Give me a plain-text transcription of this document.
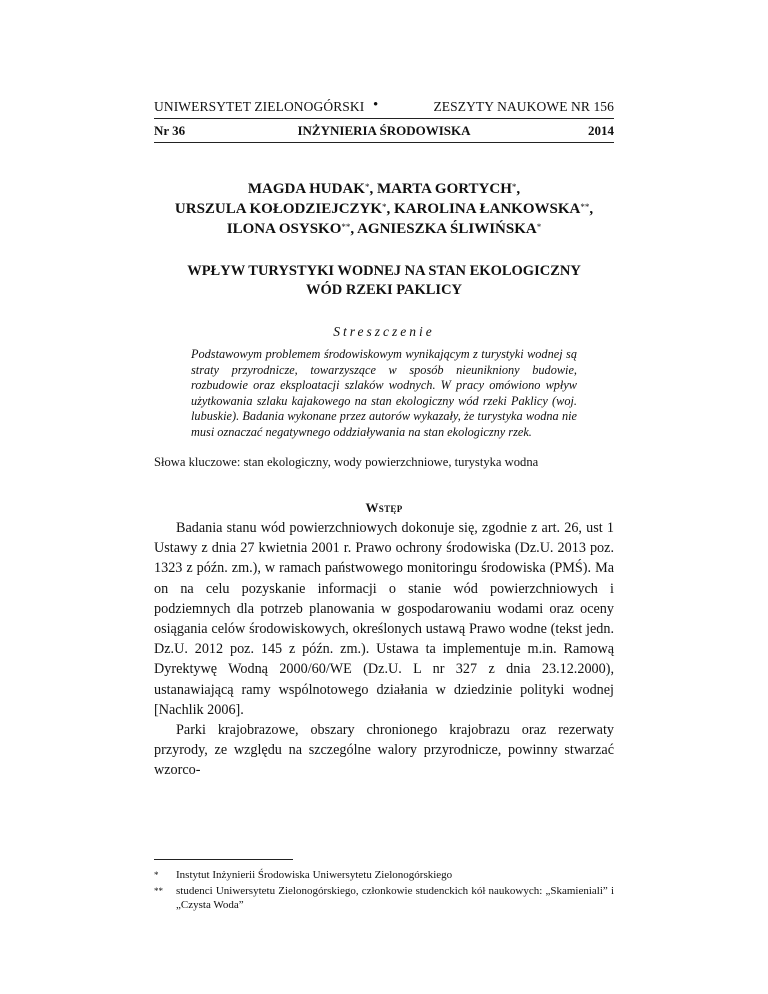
UNIWERSYTET ZIELONOGÓRSKI •	ZESZYTY NAUKOWE NR 156
Nr 36	INŻYNIERIA ŚRODOWISKA	2014
MAGDA HUDAK*, MARTA GORTYCH*,
URSZULA KOŁODZIEJCZYK*, KAROLINA ŁANKOWSKA**,
ILONA OSYSKO**, AGNIESZKA ŚLIWIŃSKA*
WPŁYW TURYSTYKI WODNEJ NA STAN EKOLOGICZNY
WÓD RZEKI PAKLICY
Streszczenie
Podstawowym problemem środowiskowym wynikającym z turystyki wodnej są straty przyrodnicze, towarzyszące w sposób nieunikniony budowie, rozbudowie oraz eksploatacji szlaków wodnych. W pracy omówiono wpływ użytkowania szlaku kajakowego na stan ekologiczny wód rzeki Paklicy (woj. lubuskie). Badania wykonane przez autorów wykazały, że turystyka wodna nie musi oznaczać negatywnego oddziaływania na stan ekologiczny rzek.
Słowa kluczowe: stan ekologiczny, wody powierzchniowe, turystyka wodna
Wstęp

Badania stanu wód powierzchniowych dokonuje się, zgodnie z art. 26, ust 1 Ustawy z dnia 27 kwietnia 2001 r. Prawo ochrony środowiska (Dz.U. 2013 poz. 1323 z późn. zm.), w ramach państwowego monitoringu środowiska (PMŚ). Ma on na celu pozyskanie informacji o stanie wód powierzchniowych i podziemnych dla potrzeb planowania w gospodarowaniu wodami oraz oceny osiągania celów środowiskowych, określonych ustawą Prawo wodne (tekst jedn. Dz.U. 2012 poz. 145 z późn. zm.). Ustawa ta implementuje m.in. Ramową Dyrektywę Wodną 2000/60/WE (Dz.U. L nr 327 z dnia 23.12.2000), ustanawiającą ramy wspólnotowego działania w dziedzinie polityki wodnej [Nachlik 2006].

Parki krajobrazowe, obszary chronionego krajobrazu oraz rezerwaty przyrody, ze względu na szczególne walory przyrodnicze, powinny stwarzać wzorco-

*	Instytut Inżynierii Środowiska Uniwersytetu Zielonogórskiego
**	studenci Uniwersytetu Zielonogórskiego, członkowie studenckich kół naukowych: „Skamieniali” i „Czysta Woda”
